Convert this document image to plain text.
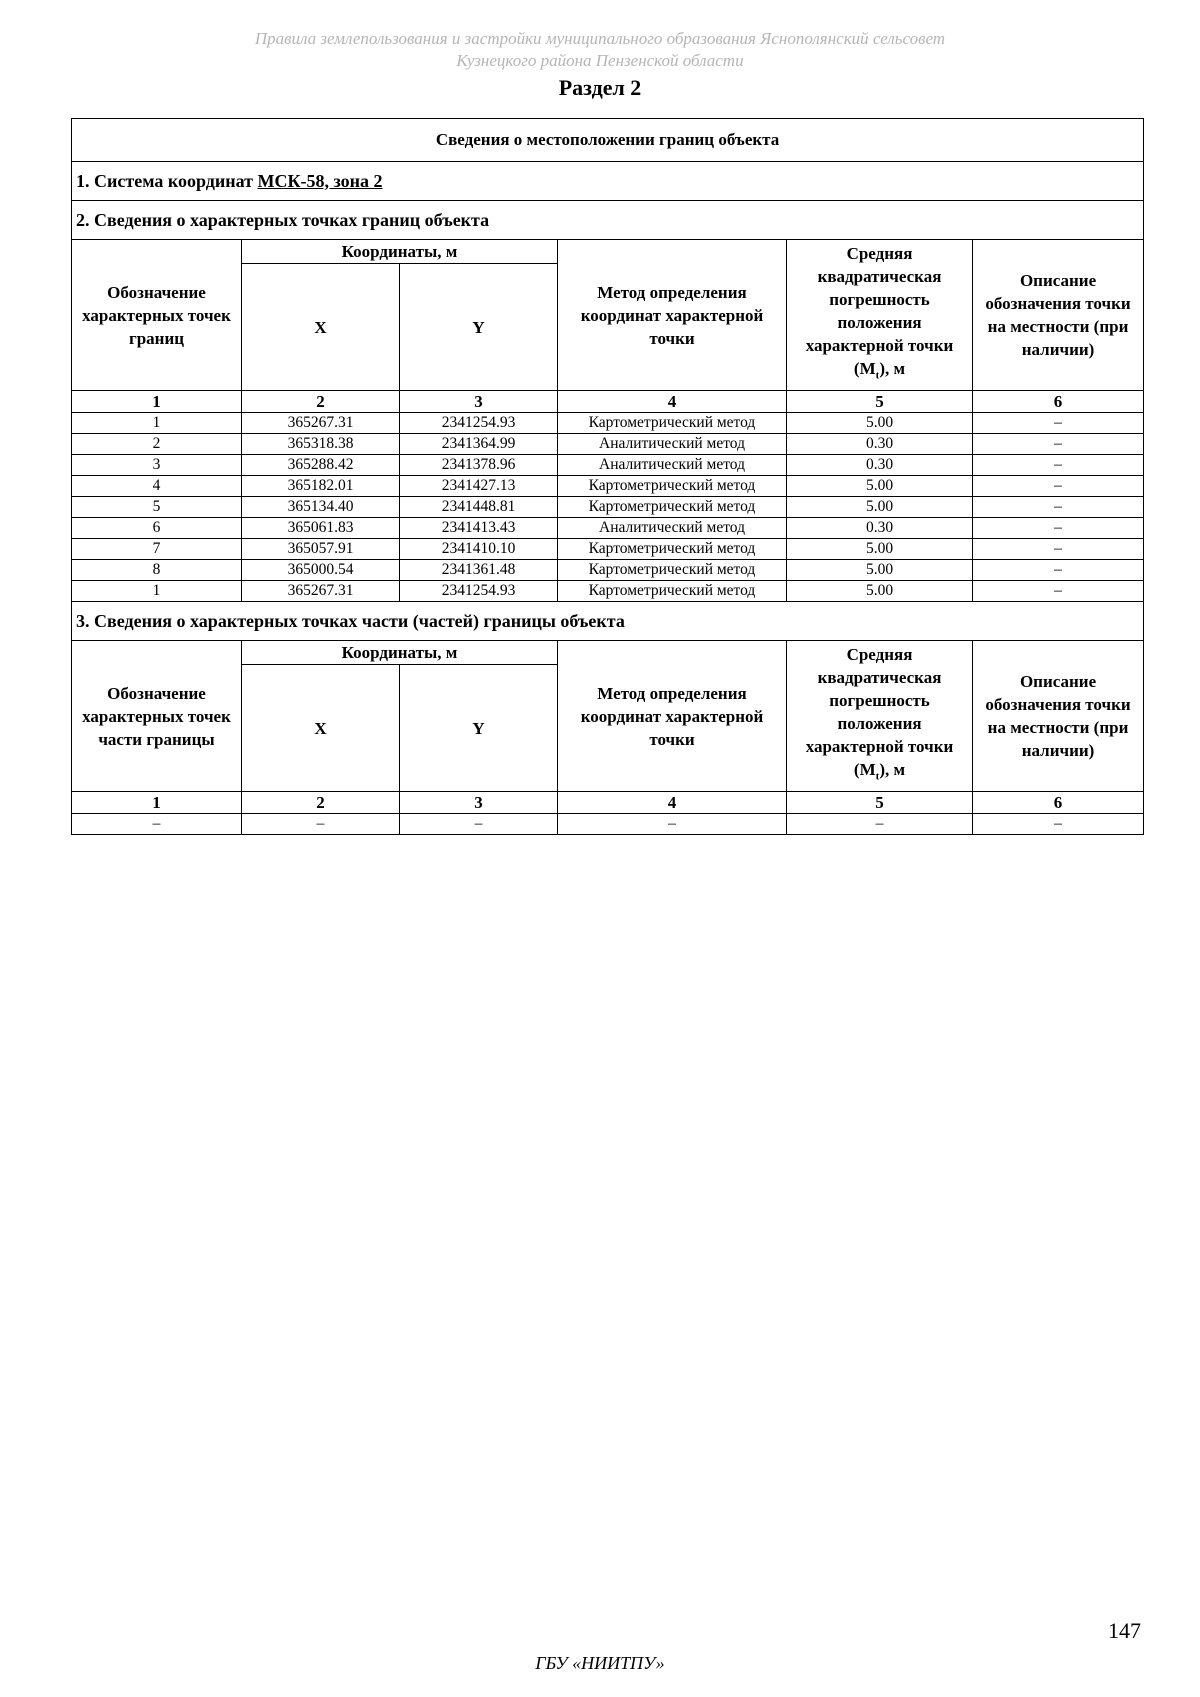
Правила землепользования и застройки муниципального образования Яснополянский сельсовет
Кузнецкого района Пензенской области
Раздел 2
Сведения о местоположении границ объекта					
1. Система координат МСК-58, зона 2					
2. Сведения о характерных точках границ объекта					
Обозначение характерных точек границ	Координаты, м		Метод определения координат характерной точки	Средняя квадратическая погрешность положения характерной точки $(M_t)$, м	Описание обозначения точки на местности (при наличии)
	X	Y			
1	2	3	4	5	6
1	365267.31	2341254.93	Картометрический метод	5.00	–
2	365318.38	2341364.99	Аналитический метод	0.30	–
3	365288.42	2341378.96	Аналитический метод	0.30	–
4	365182.01	2341427.13	Картометрический метод	5.00	–
5	365134.40	2341448.81	Картометрический метод	5.00	–
6	365061.83	2341413.43	Аналитический метод	0.30	–
7	365057.91	2341410.10	Картометрический метод	5.00	–
8	365000.54	2341361.48	Картометрический метод	5.00	–
1	365267.31	2341254.93	Картометрический метод	5.00	–
3. Сведения о характерных точках части (частей) границы объекта					
Обозначение характерных точек части границы	Координаты, м		Метод определения координат характерной точки	Средняя квадратическая погрешность положения характерной точки $(M_t)$, м	Описание обозначения точки на местности (при наличии)
	X	Y			
1	2	3	4	5	6
–	–	–	–	–	–
147
ГБУ «НИИТПУ»
